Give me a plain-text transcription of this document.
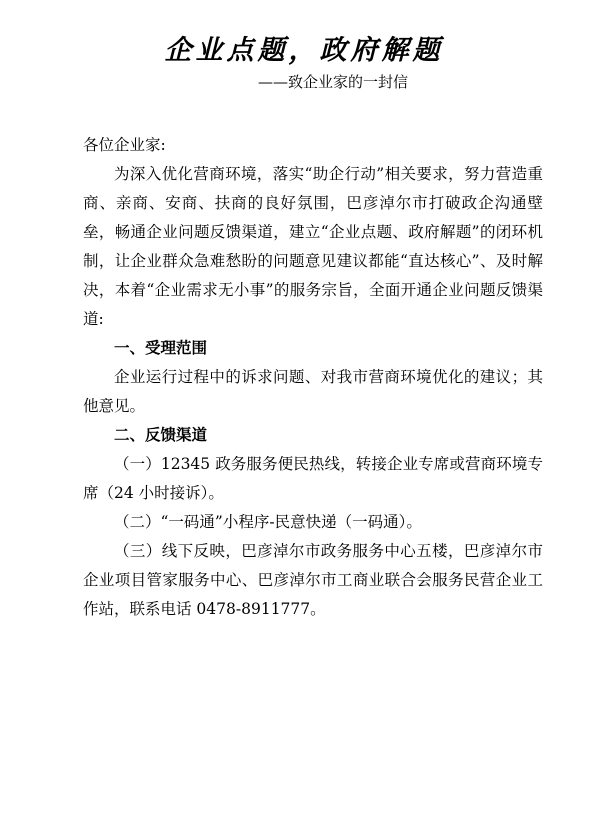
企业点题，政府解题
——致企业家的一封信

各位企业家:

为深入优化营商环境，落实“助企行动”相关要求，努力营造重商、亲商、安商、扶商的良好氛围，巴彦淖尔市打破政企沟通壁垒，畅通企业问题反馈渠道，建立“企业点题、政府解题”的闭环机制，让企业群众急难愁盼的问题意见建议都能“直达核心”、及时解决，本着“企业需求无小事”的服务宗旨，全面开通企业问题反馈渠道:

一、受理范围

企业运行过程中的诉求问题、对我市营商环境优化的建议；其他意见。

二、反馈渠道

（一）12345 政务服务便民热线，转接企业专席或营商环境专席（24 小时接诉）。

（二）“一码通”小程序-民意快递（一码通）。

（三）线下反映，巴彦淖尔市政务服务中心五楼，巴彦淖尔市企业项目管家服务中心、巴彦淖尔市工商业联合会服务民营企业工作站，联系电话 0478-8911777。
